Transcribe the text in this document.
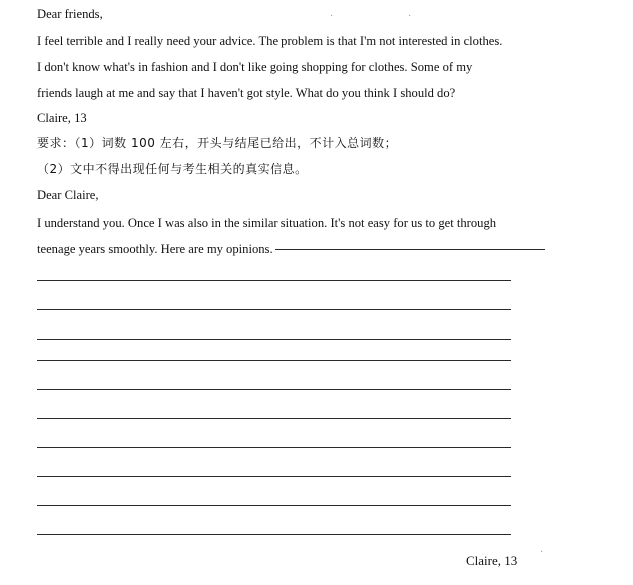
Dear friends,
I feel terrible and I really need your advice. The problem is that I'm not interested in clothes.
I don't know what's in fashion and I don't like going shopping for clothes. Some of my
friends laugh at me and say that I haven't got style. What do you think I should do?
Claire, 13
要求：（1）词数 100 左右，开头与结尾已给出，不计入总词数；
（2）文中不得出现任何与考生相关的真实信息。
Dear Claire,
I understand you. Once I was also in the similar situation. It's not easy for us to get through
teenage years smoothly. Here are my opinions.
Claire, 13
·	·
·
